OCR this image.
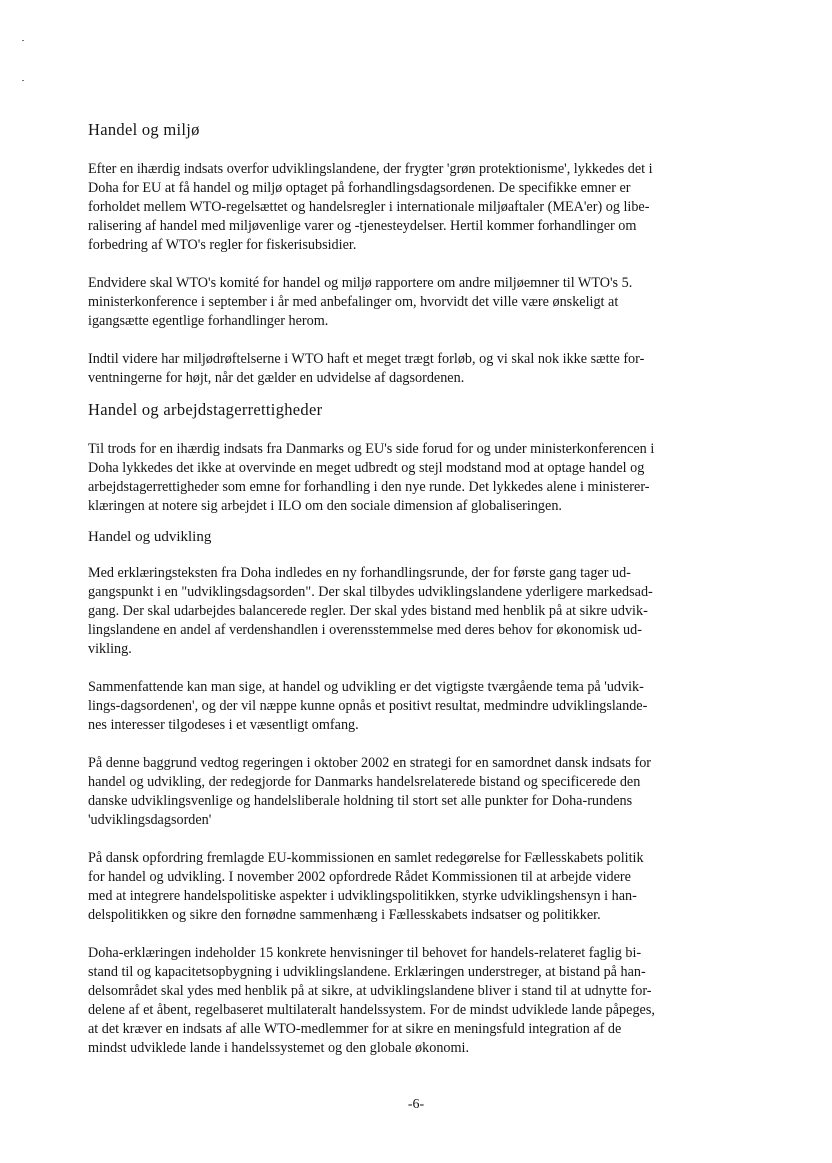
Handel og miljø

Efter en ihærdig indsats overfor udviklingslandene, der frygter 'grøn protektionisme', lykkedes det i
Doha for EU at få handel og miljø optaget på forhandlingsdagsordenen. De specifikke emner er
forholdet mellem WTO-regelsættet og handelsregler i internationale miljøaftaler (MEA'er) og libe-
ralisering af handel med miljøvenlige varer og -tjenesteydelser. Hertil kommer forhandlinger om
forbedring af WTO's regler for fiskerisubsidier.

Endvidere skal WTO's komité for handel og miljø rapportere om andre miljøemner til WTO's 5.
ministerkonference i september i år med anbefalinger om, hvorvidt det ville være ønskeligt at
igangsætte egentlige forhandlinger herom.

Indtil videre har miljødrøftelserne i WTO haft et meget trægt forløb, og vi skal nok ikke sætte for-
ventningerne for højt, når det gælder en udvidelse af dagsordenen.

Handel og arbejdstagerrettigheder

Til trods for en ihærdig indsats fra Danmarks og EU's side forud for og under ministerkonferencen i
Doha lykkedes det ikke at overvinde en meget udbredt og stejl modstand mod at optage handel og
arbejdstagerrettigheder som emne for forhandling i den nye runde. Det lykkedes alene i ministerer-
klæringen at notere sig arbejdet i ILO om den sociale dimension af globaliseringen.

Handel og udvikling

Med erklæringsteksten fra Doha indledes en ny forhandlingsrunde, der for første gang tager ud-
gangspunkt i en "udviklingsdagsorden". Der skal tilbydes udviklingslandene yderligere markedsad-
gang. Der skal udarbejdes balancerede regler. Der skal ydes bistand med henblik på at sikre udvik-
lingslandene en andel af verdenshandlen i overensstemmelse med deres behov for økonomisk ud-
vikling.

Sammenfattende kan man sige, at handel og udvikling er det vigtigste tværgående tema på 'udvik-
lings-dagsordenen', og der vil næppe kunne opnås et positivt resultat, medmindre udviklingslande-
nes interesser tilgodeses i et væsentligt omfang.

På denne baggrund vedtog regeringen i oktober 2002 en strategi for en samordnet dansk indsats for
handel og udvikling, der redegjorde for Danmarks handelsrelaterede bistand og specificerede den
danske udviklingsvenlige og handelsliberale holdning til stort set alle punkter for Doha-rundens
'udviklingsdagsorden'

På dansk opfordring fremlagde EU-kommissionen en samlet redegørelse for Fællesskabets politik
for handel og udvikling. I november 2002 opfordrede Rådet Kommissionen til at arbejde videre
med at integrere handelspolitiske aspekter i udviklingspolitikken, styrke udviklingshensyn i han-
delspolitikken og sikre den fornødne sammenhæng i Fællesskabets indsatser og politikker.

Doha-erklæringen indeholder 15 konkrete henvisninger til behovet for handels-relateret faglig bi-
stand til og kapacitetsopbygning i udviklingslandene. Erklæringen understreger, at bistand på han-
delsområdet skal ydes med henblik på at sikre, at udviklingslandene bliver i stand til at udnytte for-
delene af et åbent, regelbaseret multilateralt handelssystem. For de mindst udviklede lande påpeges,
at det kræver en indsats af alle WTO-medlemmer for at sikre en meningsfuld integration af de
mindst udviklede lande i handelssystemet og den globale økonomi.

-6-
